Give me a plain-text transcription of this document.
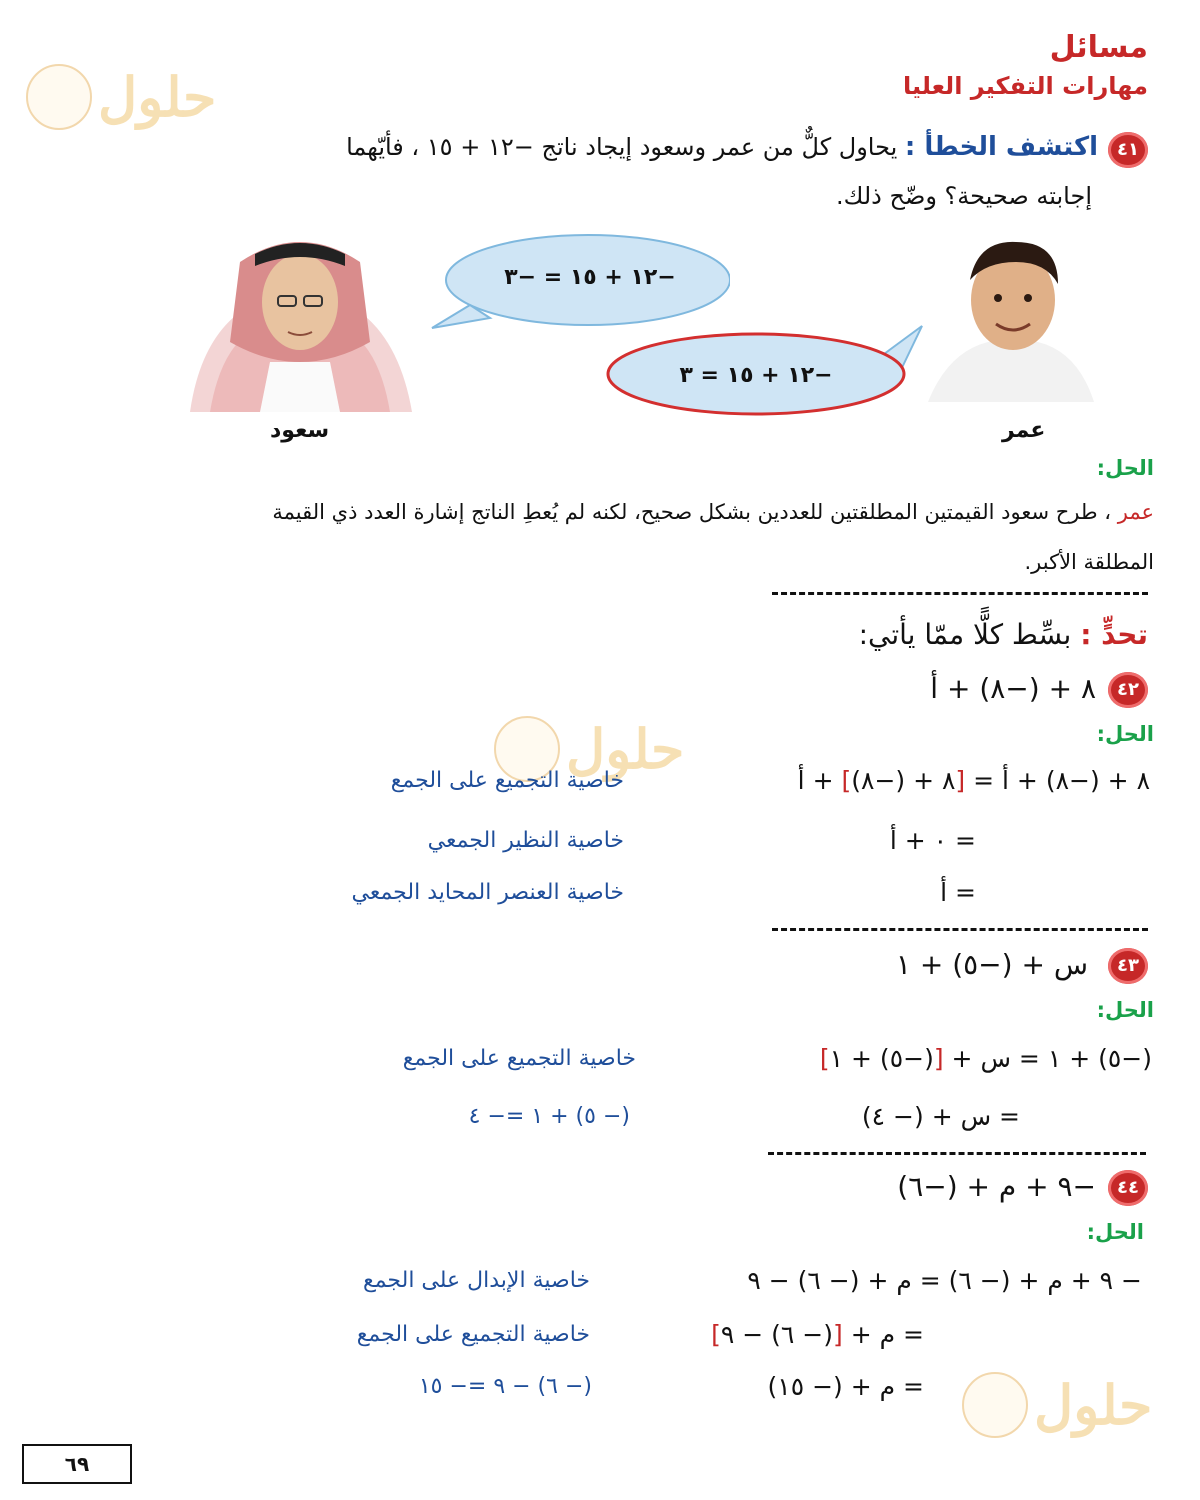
حلول
حلول
حلول
مسائل
مهارات التفكير العليا
٤١
اكتشف الخطأ : يحاول كلٌّ من عمر وسعود إيجاد ناتج −١٢ + ١٥ ، فأيّهما
إجابته صحيحة؟ وضّح ذلك.
سعود
−١٢ + ١٥ = −٣
−١٢ + ١٥ = ٣
عمر
الحل:
عمر ، طرح سعود القيمتين المطلقتين للعددين بشكل صحيح، لكنه لم يُعطِ الناتج إشارة العدد ذي القيمة
المطلقة الأكبر.
تحدٍّ : بسِّط كلًّا ممّا يأتي:
٤٢
٨ + (−٨) + أ
الحل:
٨ + (−٨) + أ = [٨ + (−٨)] + أ
خاصية التجميع على الجمع
= ٠ + أ
خاصية النظير الجمعي
= أ
خاصية العنصر المحايد الجمعي
٤٣
س + (−٥) + ١
الحل:
(−٥) + ١ = س + [(−٥) + ١]
خاصية التجميع على الجمع
= س + (− ٤)
(− ٥) + ١ =− ٤
٤٤
−٩ + م + (−٦)
الحل:
− ٩ + م + (− ٦) = م + (− ٦) − ٩
خاصية الإبدال على الجمع
= م + [(− ٦) − ٩]
خاصية التجميع على الجمع
= م + (− ١٥)
(− ٦) − ٩ =− ١٥
٦٩
